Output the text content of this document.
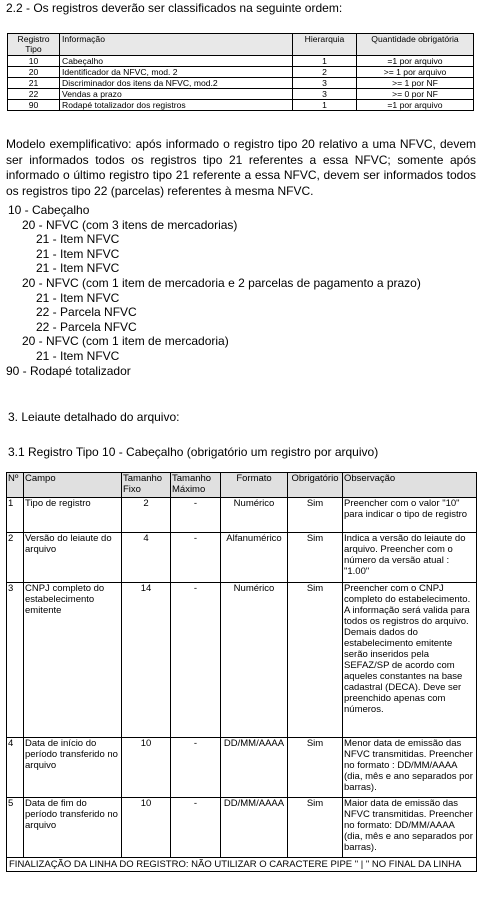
2.2 - Os registros deverão ser classificados na seguinte ordem:
Registro Tipo	Informação	Hierarquia	Quantidade obrigatória
10	Cabeçalho	1	=1 por arquivo
20	Identificador da NFVC, mod. 2	2	>= 1 por arquivo
21	Discriminador dos itens da NFVC, mod.2	3	>= 1 por NF
22	Vendas a prazo	3	>= 0 por NF
90	Rodapé totalizador dos registros	1	=1 por arquivo
Modelo exemplificativo: após informado o registro tipo 20 relativo a uma NFVC, devem ser informados todos os registros tipo 21 referentes a essa NFVC; somente após informado o último registro tipo 21 referente a essa NFVC, devem ser informados todos os registros tipo 22 (parcelas) referentes à mesma NFVC.
10 - Cabeçalho
20 - NFVC (com 3 itens de mercadorias)
21 - Item NFVC
21 - Item NFVC
21 - Item NFVC
20 - NFVC (com 1 item de mercadoria e 2 parcelas de pagamento a prazo)
21 - Item NFVC
22 - Parcela NFVC
22 - Parcela NFVC
20 - NFVC (com 1 item de mercadoria)
21 - Item NFVC
90 - Rodapé totalizador
3. Leiaute detalhado do arquivo:
3.1 Registro Tipo 10 - Cabeçalho (obrigatório um registro por arquivo)
Nº	Campo	Tamanho Fixo	Tamanho Máximo	Formato	Obrigatório	Observação
1	Tipo de registro	2	-	Numérico	Sim	Preencher com o valor "10" para indicar o tipo de registro
2	Versão do leiaute do arquivo	4	-	Alfanumérico	Sim	Indica a versão do leiaute do arquivo. Preencher com o número da versão atual : "1.00"
3	CNPJ completo do estabelecimento emitente	14	-	Numérico	Sim	Preencher com o CNPJ completo do estabelecimento. A informação será valida para todos os registros do arquivo. Demais dados do estabelecimento emitente serão inseridos pela SEFAZ/SP de acordo com aqueles constantes na base cadastral (DECA). Deve ser preenchido apenas com números.
4	Data de início do período transferido no arquivo	10	-	DD/MM/AAAA	Sim	Menor data de emissão das NFVC transmitidas. Preencher no formato : DD/MM/AAAA (dia, mês e ano separados por barras).
5	Data de fim do período transferido no arquivo	10	-	DD/MM/AAAA	Sim	Maior data de emissão das NFVC transmitidas. Preencher no formato: DD/MM/AAAA (dia, mês e ano separados por barras).
FINALIZAÇÃO DA LINHA DO REGISTRO: NÃO UTILIZAR O CARACTERE PIPE " | " NO FINAL DA LINHA						
